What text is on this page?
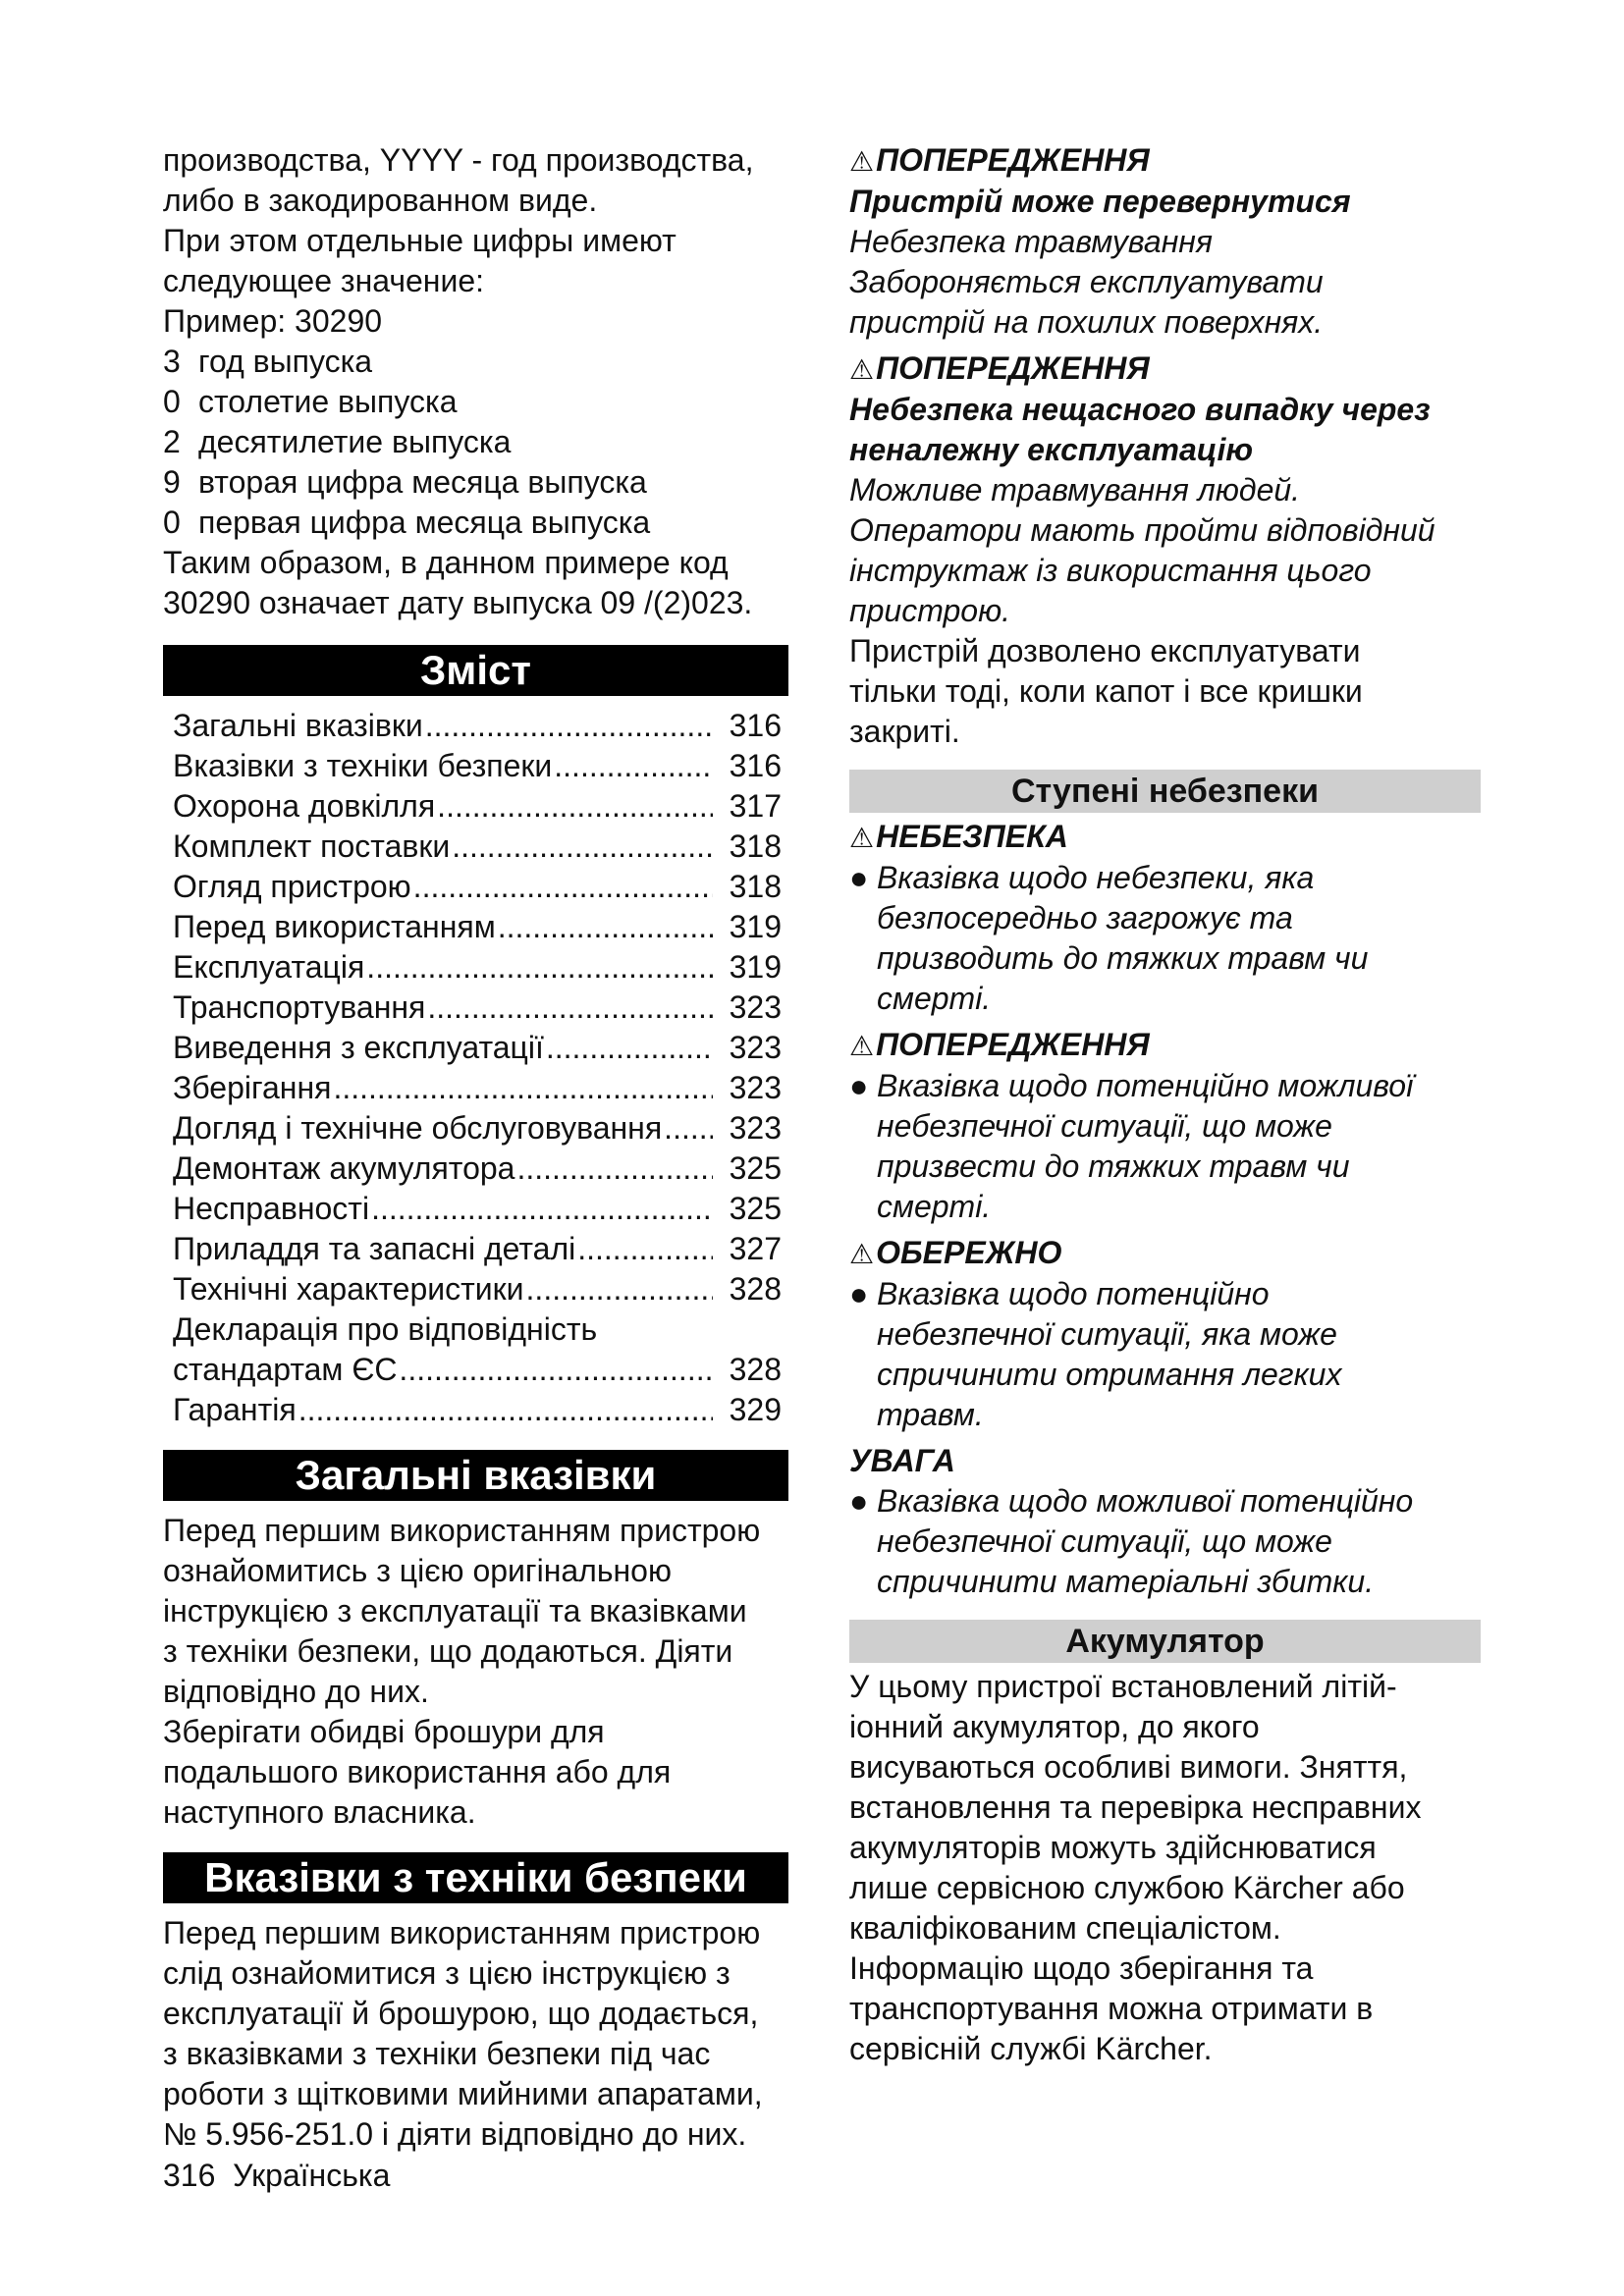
производства, YYYY - год производства,

либо в закодированном виде.

При этом отдельные цифры имеют

следующее значение:

Пример: 30290

3 год выпуска

0 столетие выпуска

2 десятилетие выпуска

9 вторая цифра месяца выпуска

0 первая цифра месяца выпуска

Таким образом, в данном примере код

30290 означает дату выпуска 09 /(2)023.

Зміст
Загальні вказівки .....	316
Вказівки з техніки безпеки .....	316
Охорона довкілля .....	317
Комплект поставки .....	318
Огляд пристрою .....	318
Перед використанням .....	319
Експлуатація .....	319
Транспортування .....	323
Виведення з експлуатації .....	323
Зберігання .....	323
Догляд і технічне обслуговування .....	323
Демонтаж акумулятора .....	325
Несправності .....	325
Приладдя та запасні деталі .....	327
Технічні характеристики .....	328
Декларація про відповідність
стандартам ЄС .....	328
Гарантія .....	329
Загальні вказівки

Перед першим використанням пристрою

ознайомитись з цією оригінальною

інструкцією з експлуатації та вказівками

з техніки безпеки, що додаються. Діяти

відповідно до них.

Зберігати обидві брошури для

подальшого використання або для

наступного власника.

Вказівки з техніки безпеки

Перед першим використанням пристрою

слід ознайомитися з цією інструкцією з

експлуатації й брошурою, що додається,

з вказівками з техніки безпеки під час

роботи з щітковими мийними апаратами,

№ 5.956-251.0 і діяти відповідно до них.

⚠ПОПЕРЕДЖЕННЯ

Пристрій може перевернутися

Небезпека травмування

Забороняється експлуатувати

пристрій на похилих поверхнях.

⚠ПОПЕРЕДЖЕННЯ

Небезпека нещасного випадку через

неналежну експлуатацію

Можливе травмування людей.

Оператори мають пройти відповідний

інструктаж із використання цього

пристрою.

Пристрій дозволено експлуатувати

тільки тоді, коли капот і все кришки

закриті.

Ступені небезпеки

⚠НЕБЕЗПЕКА

● Вказівка щодо небезпеки, яка
безпосередньо загрожує та
призводить до тяжких травм чи
смерті.

⚠ПОПЕРЕДЖЕННЯ

● Вказівка щодо потенційно можливої
небезпечної ситуації, що може
призвести до тяжких травм чи
смерті.

⚠ОБЕРЕЖНО

● Вказівка щодо потенційно
небезпечної ситуації, яка може
спричинити отримання легких
травм.

УВАГА

● Вказівка щодо можливої потенційно
небезпечної ситуації, що може
спричинити матеріальні збитки.
Акумулятор

У цьому пристрої встановлений літій-

іонний акумулятор, до якого

висуваються особливі вимоги. Зняття,

встановлення та перевірка несправних

акумуляторів можуть здійснюватися

лише сервісною службою Kärcher або

кваліфікованим спеціалістом.

Інформацію щодо зберігання та

транспортування можна отримати в

сервісній службі Kärcher.

316 Українська
